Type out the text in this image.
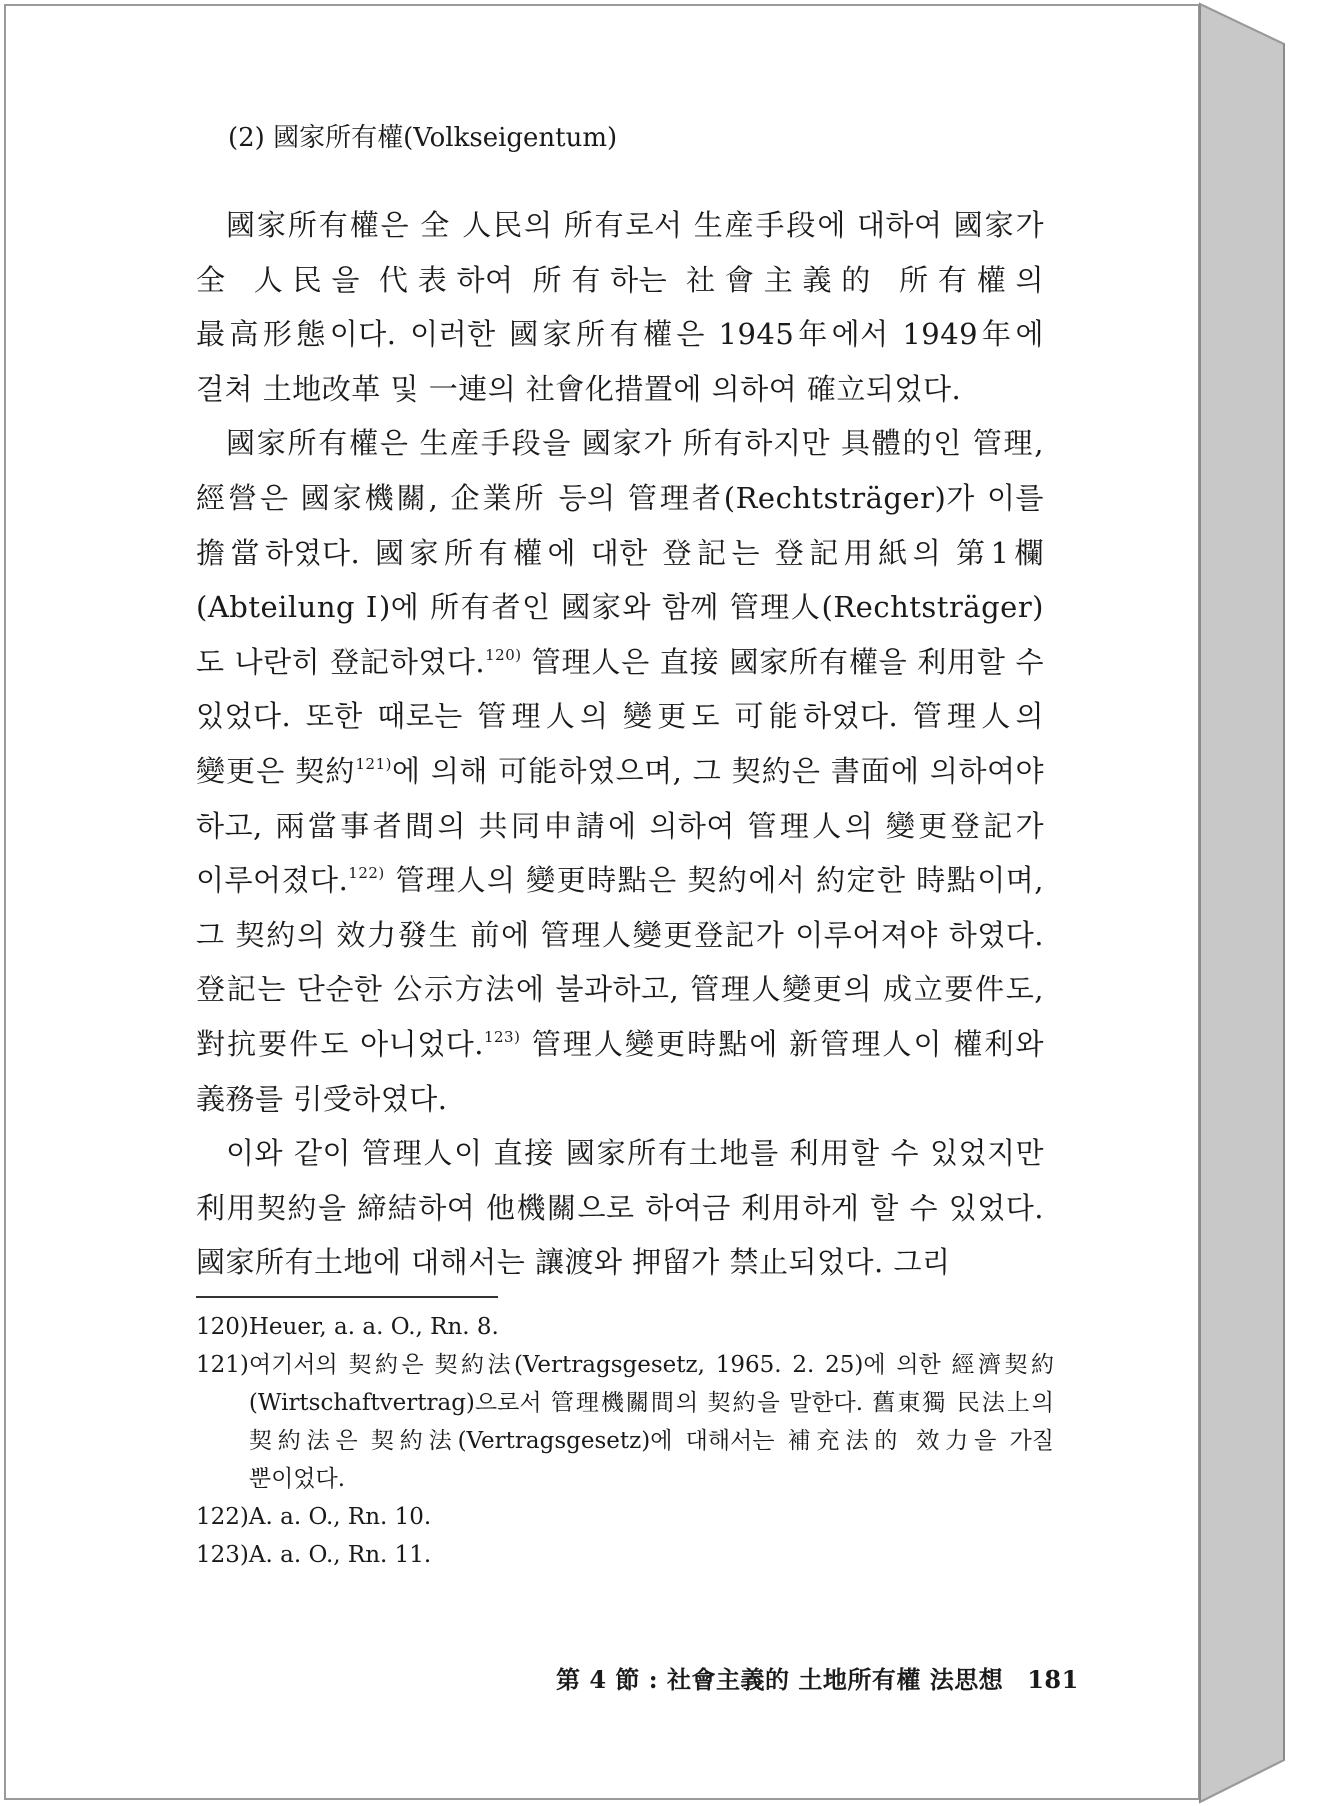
(2) 國家所有權(Volkseigentum)

國家所有權은 全 人民의 所有로서 生産手段에 대하여 國家가 全 人民을 代表하여 所有하는 社會主義的 所有權의 最高形態이다. 이러한 國家所有權은 1945年에서 1949年에 걸쳐 土地改革 및 一連의 社會化措置에 의하여 確立되었다.

國家所有權은 生産手段을 國家가 所有하지만 具體的인 管理, 經營은 國家機關, 企業所 등의 管理者(Rechtsträger)가 이를 擔當하였다. 國家所有權에 대한 登記는 登記用紙의 第1欄(Abteilung Ⅰ)에 所有者인 國家와 함께 管理人(Rechtsträger)도 나란히 登記하였다.$^{120)}$ 管理人은 直接 國家所有權을 利用할 수 있었다. 또한 때로는 管理人의 變更도 可能하였다. 管理人의 變更은 契約$^{121)}$에 의해 可能하였으며, 그 契約은 書面에 의하여야 하고, 兩當事者間의 共同申請에 의하여 管理人의 變更登記가 이루어졌다.$^{122)}$ 管理人의 變更時點은 契約에서 約定한 時點이며, 그 契約의 效力發生 前에 管理人變更登記가 이루어져야 하였다. 登記는 단순한 公示方法에 불과하고, 管理人變更의 成立要件도, 對抗要件도 아니었다.$^{123)}$ 管理人變更時點에 新管理人이 權利와 義務를 引受하였다.

이와 같이 管理人이 直接 國家所有土地를 利用할 수 있었지만 利用契約을 締結하여 他機關으로 하여금 利用하게 할 수 있었다. 國家所有土地에 대해서는 讓渡와 押留가 禁止되었다. 그리

120) Heuer, a. a. O., Rn. 8.
121) 여기서의 契約은 契約法(Vertragsgesetz, 1965. 2. 25)에 의한 經濟契約(Wirtschaftvertrag)으로서 管理機關間의 契約을 말한다. 舊東獨 民法上의 契約法은 契約法(Vertragsgesetz)에 대해서는 補充法的 效力을 가질 뿐이었다.
122) A. a. O., Rn. 10.
123) A. a. O., Rn. 11.
第 4 節 : 社會主義的 土地所有權 法思想 181
